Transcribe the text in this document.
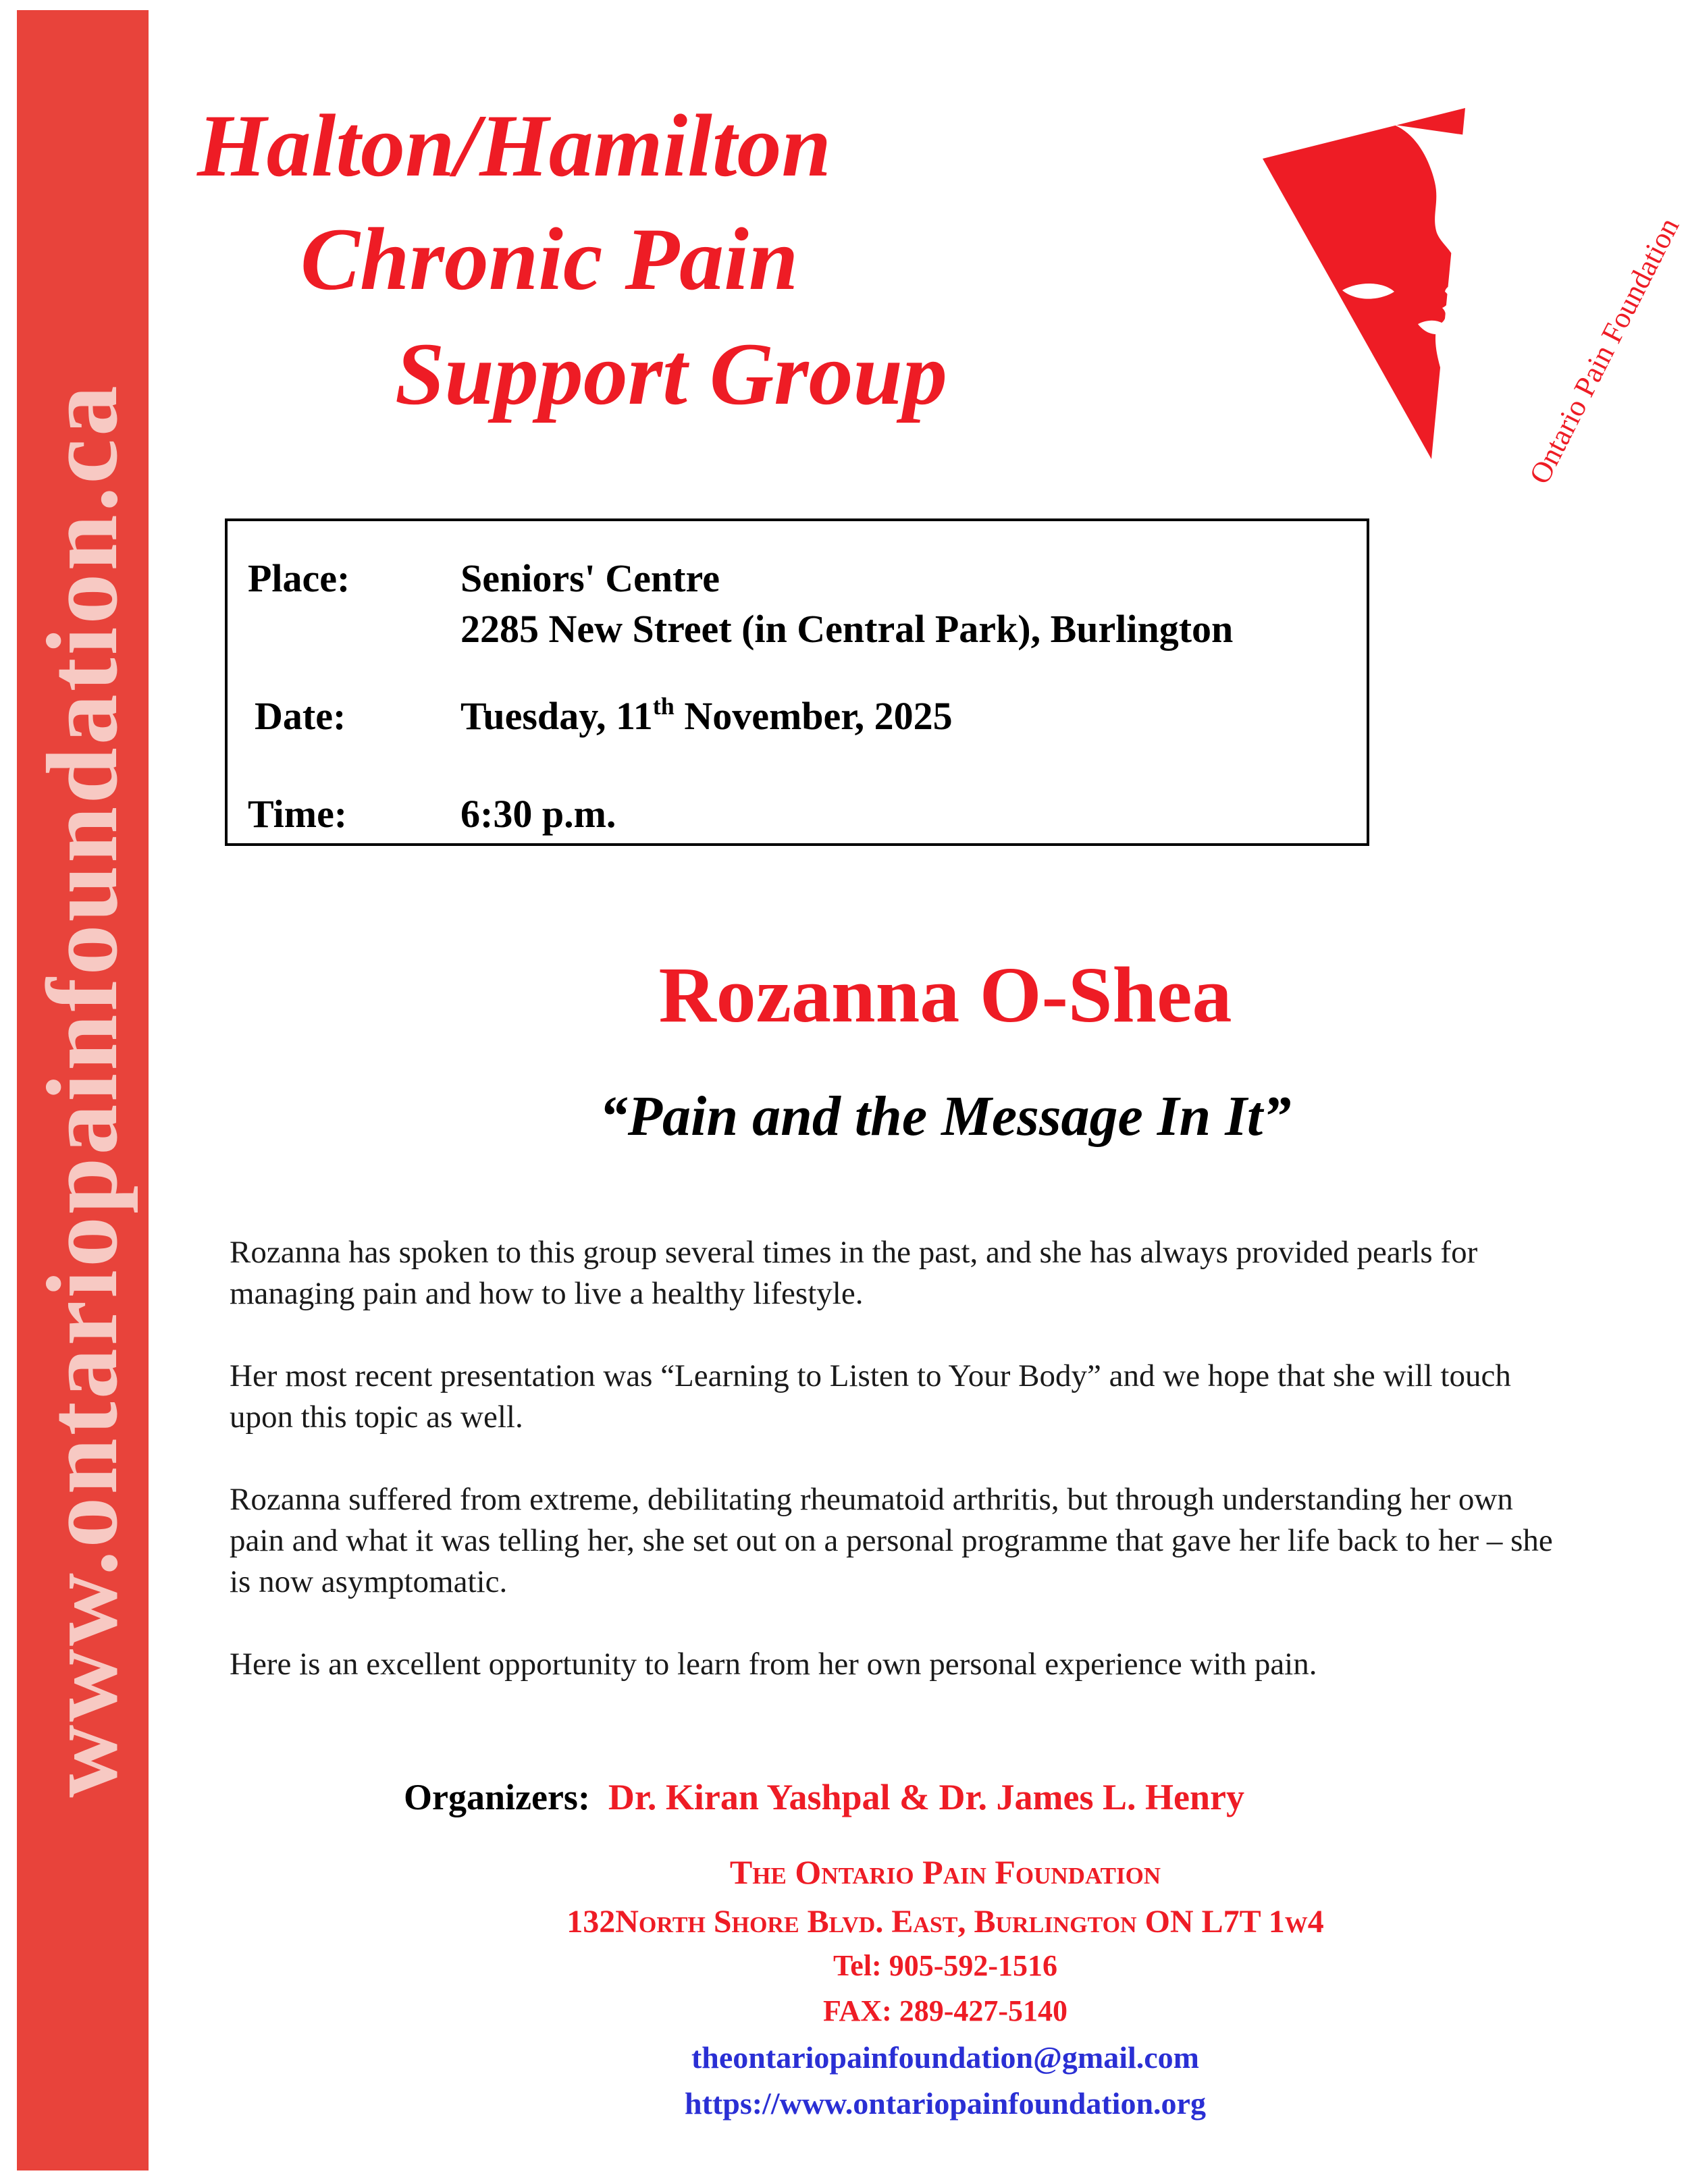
www.ontariopainfoundation.ca
Halton/Hamilton
Chronic Pain
Support Group	Ontario Pain Foundation
Place:	Seniors' Centre
2285 New Street (in Central Park), Burlington
Date:	Tuesday, 11th November, 2025
Time:	6:30 p.m.
Rozanna O-Shea
“Pain and the Message In It”

Rozanna has spoken to this group several times in the past, and she has always provided pearls for managing pain and how to live a healthy lifestyle.

Her most recent presentation was “Learning to Listen to Your Body” and we hope that she will touch upon this topic as well.

Rozanna suffered from extreme, debilitating rheumatoid arthritis, but through understanding her own pain and what it was telling her, she set out on a personal programme that gave her life back to her – she is now asymptomatic.

Here is an excellent opportunity to learn from her own personal experience with pain.

Organizers:  Dr. Kiran Yashpal & Dr. James L. Henry
The Ontario Pain Foundation
132North Shore Blvd. East, Burlington ON L7T 1w4
Tel: 905-592-1516
FAX: 289-427-5140
theontariopainfoundation@gmail.com
https://www.ontariopainfoundation.org
